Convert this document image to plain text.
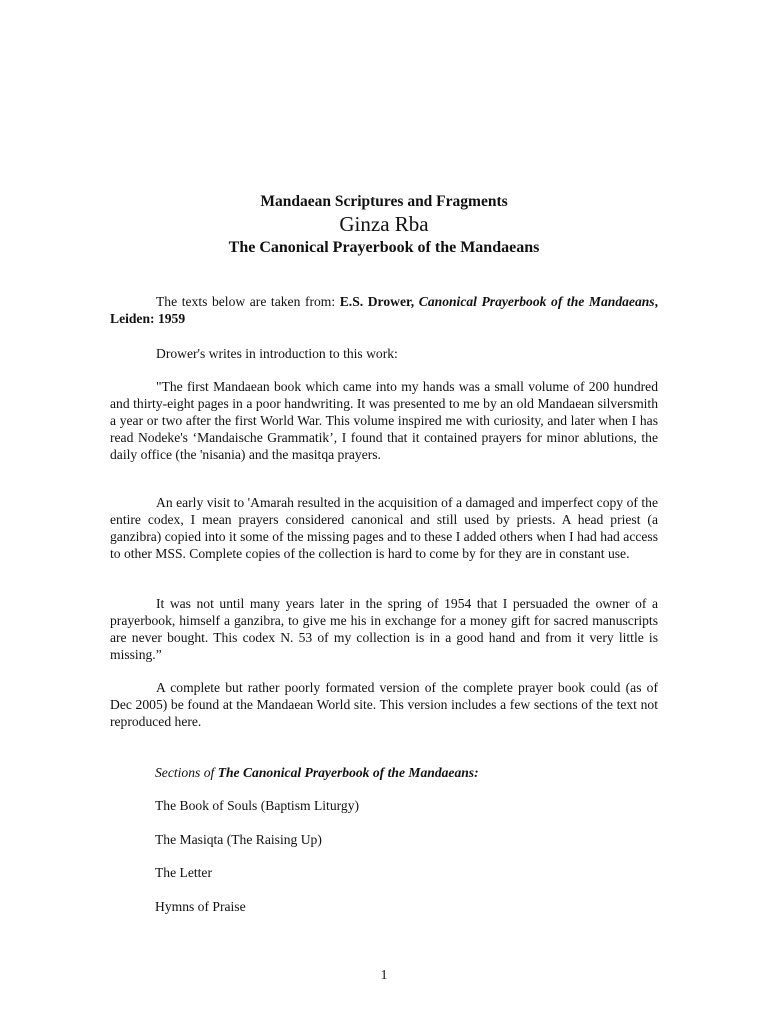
Mandaean Scriptures and Fragments

Ginza Rba

The Canonical Prayerbook of the Mandaeans

The texts below are taken from: E.S. Drower, Canonical Prayerbook of the Mandaeans, Leiden: 1959

Drower's writes in introduction to this work:

"The first Mandaean book which came into my hands was a small volume of 200 hundred and thirty-eight pages in a poor handwriting. It was presented to me by an old Mandaean silversmith a year or two after the first World War. This volume inspired me with curiosity, and later when I has read Nodeke's ‘Mandaische Grammatik’, I found that it contained prayers for minor ablutions, the daily office (the 'nisania) and the masitqa prayers.

An early visit to 'Amarah resulted in the acquisition of a damaged and imperfect copy of the entire codex, I mean prayers considered canonical and still used by priests. A head priest (a ganzibra) copied into it some of the missing pages and to these I added others when I had had access to other MSS. Complete copies of the collection is hard to come by for they are in constant use.

It was not until many years later in the spring of 1954 that I persuaded the owner of a prayerbook, himself a ganzibra, to give me his in exchange for a money gift for sacred manuscripts are never bought. This codex N. 53 of my collection is in a good hand and from it very little is missing.”

A complete but rather poorly formated version of the complete prayer book could (as of Dec 2005) be found at the Mandaean World site. This version includes a few sections of the text not reproduced here.

Sections of The Canonical Prayerbook of the Mandaeans:

The Book of Souls (Baptism Liturgy)

The Masiqta (The Raising Up)

The Letter

Hymns of Praise

1
